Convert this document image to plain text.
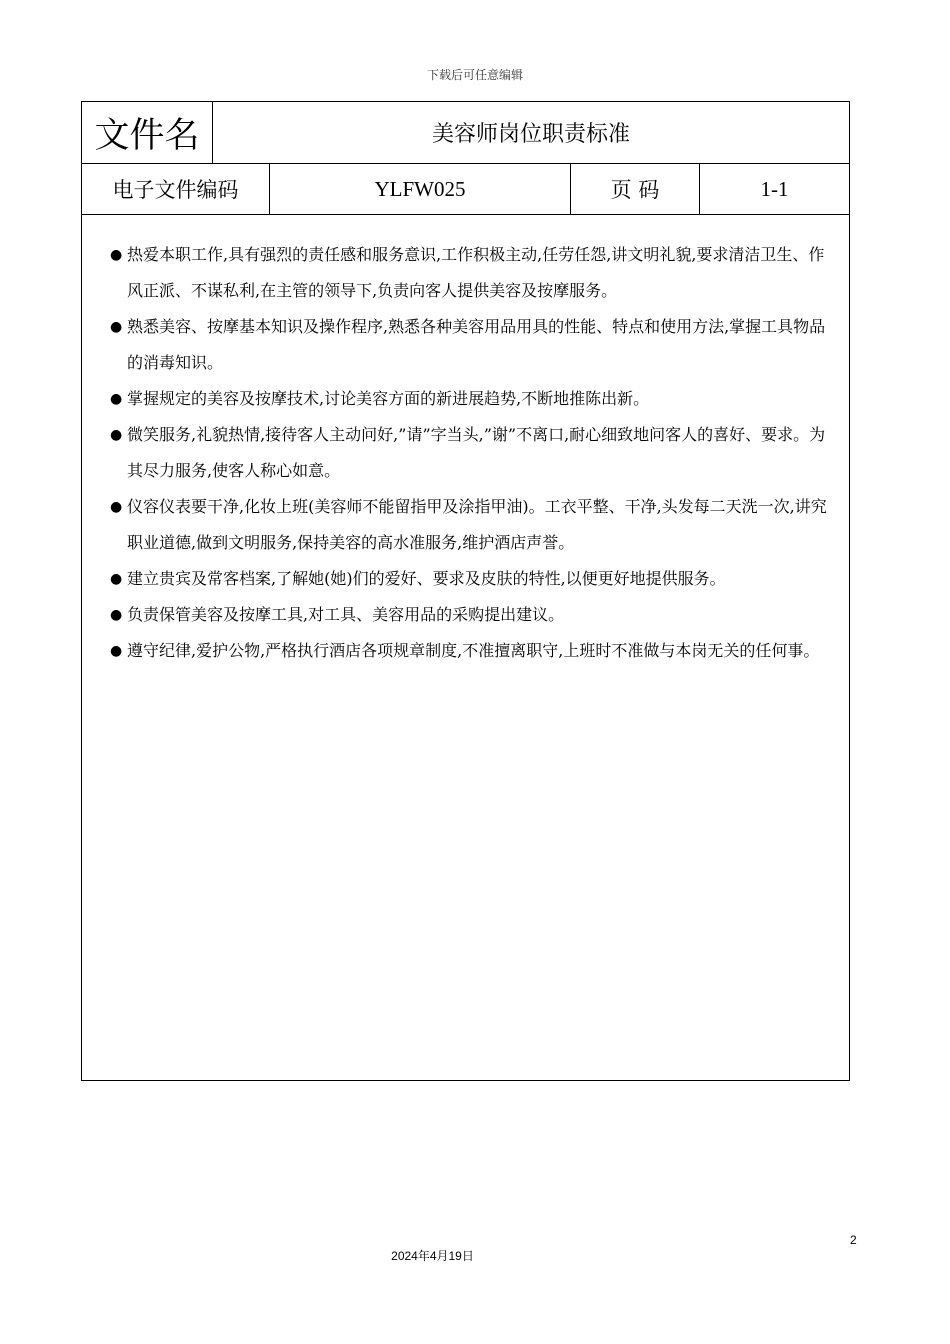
下载后可任意编辑
文件名	美容师岗位职责标准
电子文件编码	YLFW025	页 码	1-1

● 热爱本职工作,具有强烈的责任感和服务意识,工作积极主动,任劳任怨,讲文明礼貌,要求清洁卫生、作风正派、不谋私利,在主管的领导下,负责向客人提供美容及按摩服务。

● 熟悉美容、按摩基本知识及操作程序,熟悉各种美容用品用具的性能、特点和使用方法,掌握工具物品的消毒知识。

● 掌握规定的美容及按摩技术,讨论美容方面的新进展趋势,不断地推陈出新。

● 微笑服务,礼貌热情,接待客人主动问好,”请”字当头,”谢”不离口,耐心细致地问客人的喜好、要求。为其尽力服务,使客人称心如意。

● 仪容仪表要干净,化妆上班(美容师不能留指甲及涂指甲油)。工衣平整、干净,头发每二天洗一次,讲究职业道德,做到文明服务,保持美容的高水准服务,维护酒店声誉。

● 建立贵宾及常客档案,了解她(她)们的爱好、要求及皮肤的特性,以便更好地提供服务。

● 负责保管美容及按摩工具,对工具、美容用品的采购提出建议。

● 遵守纪律,爱护公物,严格执行酒店各项规章制度,不准擅离职守,上班时不准做与本岗无关的任何事。

2
2024年4月19日
